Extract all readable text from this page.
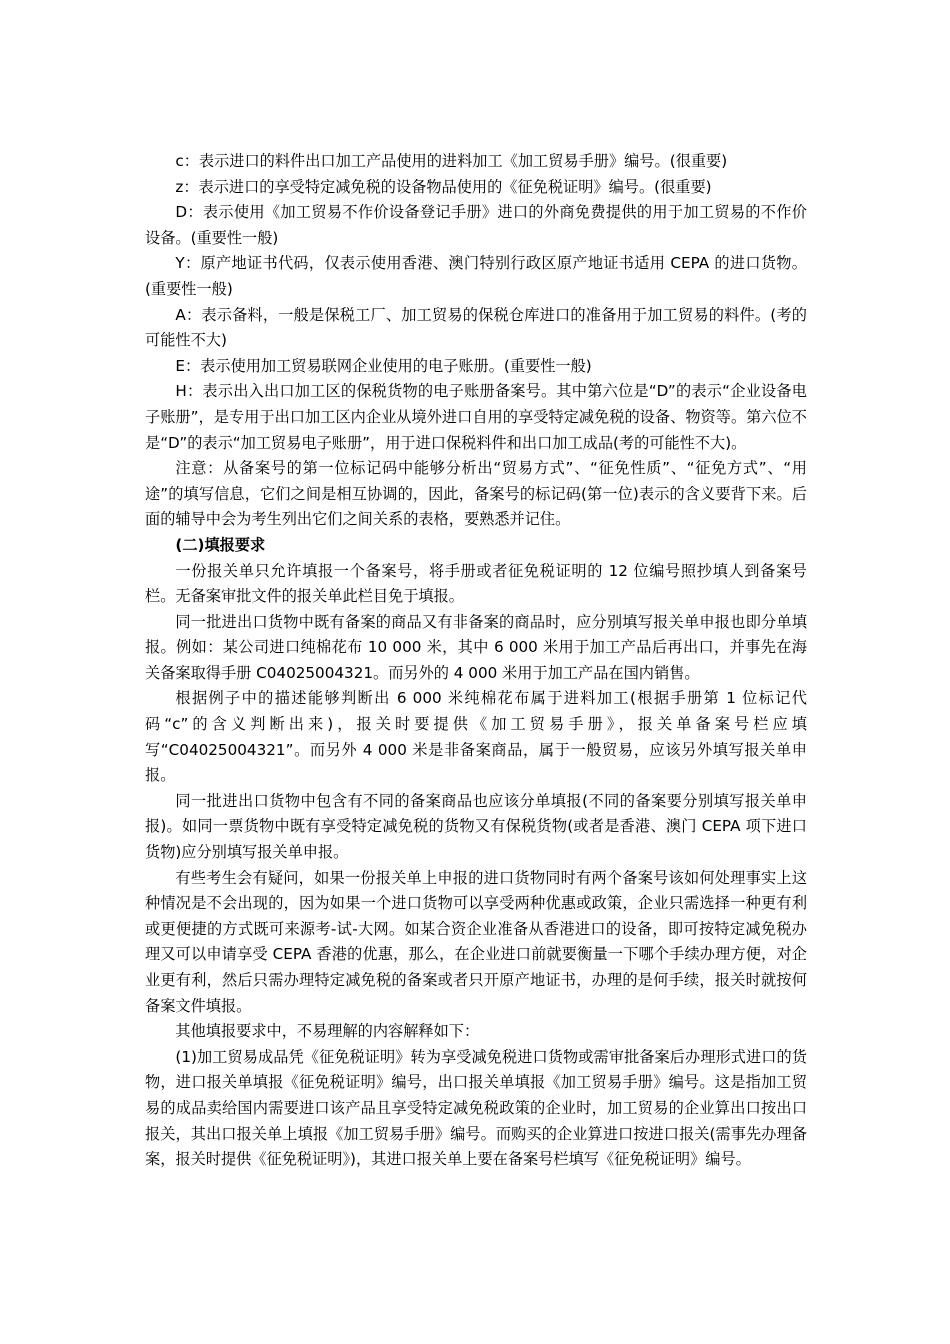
c：表示进口的料件出口加工产品使用的进料加工《加工贸易手册》编号。(很重要)

z：表示进口的享受特定减免税的设备物品使用的《征免税证明》编号。(很重要)

D：表示使用《加工贸易不作价设备登记手册》进口的外商免费提供的用于加工贸易的不作价设备。(重要性一般)

Y：原产地证书代码，仅表示使用香港、澳门特别行政区原产地证书适用 CEPA 的进口货物。(重要性一般)

A：表示备料，一般是保税工厂、加工贸易的保税仓库进口的准备用于加工贸易的料件。(考的可能性不大)

E：表示使用加工贸易联网企业使用的电子账册。(重要性一般)

H：表示出入出口加工区的保税货物的电子账册备案号。其中第六位是“D”的表示“企业设备电子账册”，是专用于出口加工区内企业从境外进口自用的享受特定减免税的设备、物资等。第六位不是“D”的表示“加工贸易电子账册”，用于进口保税料件和出口加工成品(考的可能性不大)。

注意：从备案号的第一位标记码中能够分析出“贸易方式”、“征免性质”、“征免方式”、“用途”的填写信息，它们之间是相互协调的，因此，备案号的标记码(第一位)表示的含义要背下来。后面的辅导中会为考生列出它们之间关系的表格，要熟悉并记住。

(二)填报要求

一份报关单只允许填报一个备案号，将手册或者征免税证明的 12 位编号照抄填人到备案号栏。无备案审批文件的报关单此栏目免于填报。

同一批进出口货物中既有备案的商品又有非备案的商品时，应分别填写报关单申报也即分单填报。例如：某公司进口纯棉花布 10 000 米，其中 6 000 米用于加工产品后再出口，并事先在海关备案取得手册 C04025004321。而另外的 4 000 米用于加工产品在国内销售。

根据例子中的描述能够判断出 6 000 米纯棉花布属于进料加工(根据手册第 1 位标记代码“c”的含义判断出来)，报关时要提供《加工贸易手册》，报关单备案号栏应填写“C04025004321”。而另外 4 000 米是非备案商品，属于一般贸易，应该另外填写报关单申报。

同一批进出口货物中包含有不同的备案商品也应该分单填报(不同的备案要分别填写报关单申报)。如同一票货物中既有享受特定减免税的货物又有保税货物(或者是香港、澳门 CEPA 项下进口货物)应分别填写报关单申报。

有些考生会有疑问，如果一份报关单上申报的进口货物同时有两个备案号该如何处理事实上这种情况是不会出现的，因为如果一个进口货物可以享受两种优惠或政策，企业只需选择一种更有利或更便捷的方式既可来源考-试-大网。如某合资企业准备从香港进口的设备，即可按特定减免税办理又可以申请享受 CEPA 香港的优惠，那么，在企业进口前就要衡量一下哪个手续办理方便，对企业更有利，然后只需办理特定减免税的备案或者只开原产地证书，办理的是何手续，报关时就按何备案文件填报。

其他填报要求中，不易理解的内容解释如下：

(1)加工贸易成品凭《征免税证明》转为享受减免税进口货物或需审批备案后办理形式进口的货物，进口报关单填报《征免税证明》编号，出口报关单填报《加工贸易手册》编号。这是指加工贸易的成品卖给国内需要进口该产品且享受特定减免税政策的企业时，加工贸易的企业算出口按出口报关，其出口报关单上填报《加工贸易手册》编号。而购买的企业算进口按进口报关(需事先办理备案，报关时提供《征免税证明》)，其进口报关单上要在备案号栏填写《征免税证明》编号。
